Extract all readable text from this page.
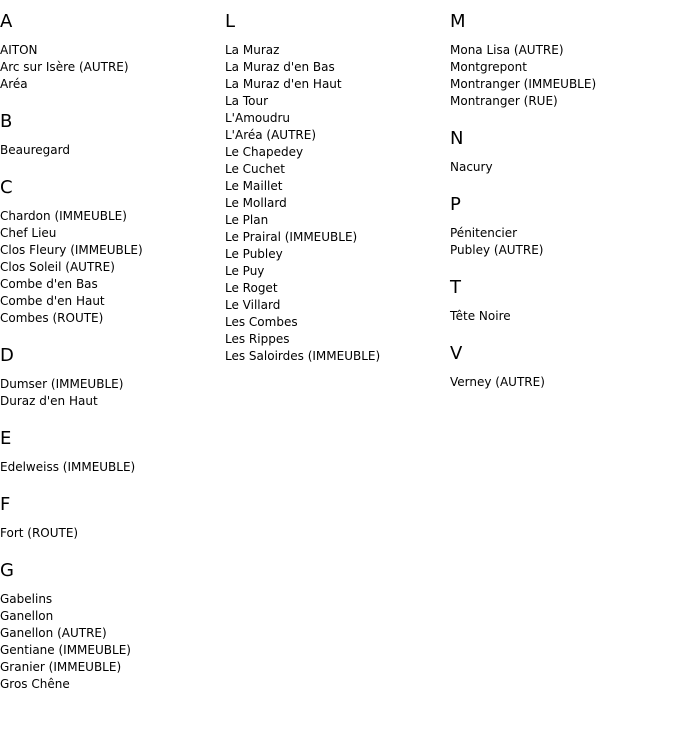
A
AITON
Arc sur Isère (AUTRE)
Aréa
B
Beauregard
C
Chardon (IMMEUBLE)
Chef Lieu
Clos Fleury (IMMEUBLE)
Clos Soleil (AUTRE)
Combe d'en Bas
Combe d'en Haut
Combes (ROUTE)
D
Dumser (IMMEUBLE)
Duraz d'en Haut
E
Edelweiss (IMMEUBLE)
F
Fort (ROUTE)
G
Gabelins
Ganellon
Ganellon (AUTRE)
Gentiane (IMMEUBLE)
Granier (IMMEUBLE)
Gros Chêne
L
La Muraz
La Muraz d'en Bas
La Muraz d'en Haut
La Tour
L'Amoudru
L'Aréa (AUTRE)
Le Chapedey
Le Cuchet
Le Maillet
Le Mollard
Le Plan
Le Prairal (IMMEUBLE)
Le Publey
Le Puy
Le Roget
Le Villard
Les Combes
Les Rippes
Les Saloirdes (IMMEUBLE)
M
Mona Lisa (AUTRE)
Montgrepont
Montranger (IMMEUBLE)
Montranger (RUE)
N
Nacury
P
Pénitencier
Publey (AUTRE)
T
Tête Noire
V
Verney (AUTRE)
